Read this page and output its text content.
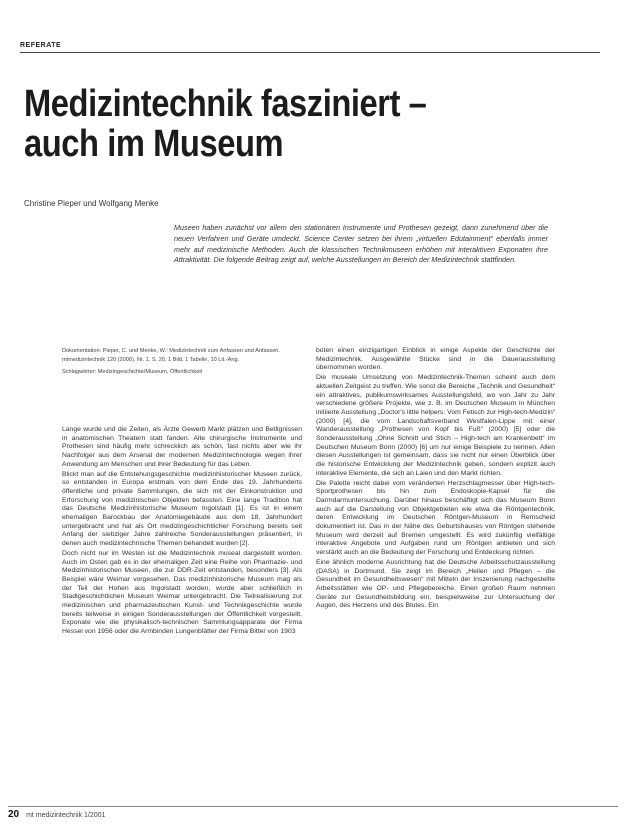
REFERATE
Medizintechnik fasziniert –
auch im Museum
Christine Pieper und Wolfgang Menke
Museen haben zunächst vor allem den stationären Instrumente und Prothesen gezeigt, dann zunehmend über die neuen Verfahren und Geräte umdeckt. Science Center setzen bei ihrem „virtuellen Edutainment“ ebenfalls immer mehr auf medizinische Methoden. Auch die klassischen Technikmuseen erhöhen mit interaktiven Exponaten ihre Attraktivität. Die folgende Beitrag zeigt auf, welche Ausstellungen im Bereich der Medizintechnik stattfinden.
Dokumentation: Pieper, C. und Menke, W.: Medizintechnik zum Anfassen und Anfassen. mtmedizintechnik 120 (2000), Nr. 1, S. 20, 1 Bild, 1 Tabelle, 10 Lit.-Ang.
Schlagwörter: Medizingeschichte/Museum, Öffentlichkeit

Lange wurde und die Zeiten, als Ärzte Gewerb Markt plätzen und Betlignissen in anatomischen Theatern statt fanden. Alte chirurgische Instrumente und Prothesen sind häufig mehr schrecklich als schön, fast nichts aber wie ihr Nachfolger aus dem Arsenal der modernen Medizintechnologie wegen ihrer Anwendung am Menschen und ihrer Bedeutung für das Leben.

Blickt man auf die Entstehungsgeschichte medizinhistorischer Museen zurück, so entstanden in Europa erstmals von dem Ende des 19. Jahrhunderts öffentliche und private Sammlungen, die sich mit der Einkonstruktion und Erforschung von medizinischen Objekten befassten. Eine lange Tradition hat das Deutsche Medizinhistorische Museum Ingolstadt [1]. Es ist in einem ehemaligen Barockbau der Anatomiegebäude aus dem 18. Jahrhundert untergebracht und hat als Ort medizingeschichtlicher Forschung bereits seit Anfang der siebziger Jahre zahlreiche Sonderausstellungen präsentiert, in denen auch medizintechnische Themen behandelt wurden [2].

Doch nicht nur im Westen ist die Medizintechnik museal dargestellt worden. Auch im Osten gab es in der ehemaligen Zeit eine Reihe von Pharmazie- und Medizinhistorischen Museen, die zur DDR-Zeit entstanden, besonders [3]. Als Beispiel wäre Weimar vorgesehen. Das medizinhistorische Museum mag als der Teil der Hohen aus Ingolstadt worden, wurde aber schließlich in Stadtgeschichtlichen Museum Weimar untergebracht. Die Teilrealisierung zur medizinischen und pharmazeutischen Kunst- und Technikgeschichte wurde bereits teilweise in einigen Sonderausstellungen der Öffentlichkeit vorgestellt. Exponate wie die physikalisch-technischen Sammlungsapparate der Firma Hessel von 1956 oder die Armbinden Lungenblätter der Firma Bitter von 1903

boten einen einzigartigen Einblick in einige Aspekte der Geschichte der Medizintechnik. Ausgewählte Stücke sind in die Dauerausstellung übernommen worden.

Die museale Umsetzung von Medizintechnik-Themen scheint auch dem aktuellen Zeitgeist zu treffen. Wie sonst die Bereiche „Technik und Gesundheit“ ein attraktives, publikumswirksames Ausstellungsfeld, wo von Jahr zu Jahr verschiedene größere Projekte, wie z. B. im Deutschen Museum in München initiierte Ausstellung „Doctor's little helpers: Vom Fetisch zur High-tech-Medizin“ (2000) [4], die vom Landschaftsverband Westfalen-Lippe mit einer Wanderausstellung „Prothesen von Kopf bis Fuß“ (2000) [5] oder die Sonderausstellung „Ohne Schnitt und Stich – High-tech am Krankenbett“ im Deutschen Museum Bonn (2000) [6] um nur einige Beispiele zu nennen. Allen diesen Ausstellungen ist gemeinsam, dass sie nicht nur einen Überblick über die historische Entwicklung der Medizintechnik geben, sondern explizit auch interaktive Elemente, die sich an Laien und den Markt richten.

Die Palette reicht dabei vom veränderten Herzschlagmesser über High-tech-Sportprothesen bis hin zum Endoskopie-Kapsel für die Darmdarmuntersuchung. Darüber hinaus beschäftigt sich das Museum Bonn auch auf die Darstellung von Objektgebieten wie etwa die Röntgentechnik, deren Entwicklung im Deutschen Röntgen-Museum in Remscheid dokumentiert ist. Das in der Nähe des Geburtshauses von Röntgen stehende Museum wird derzeit auf Bremen umgestellt. Es wird zukünftig vielfältige interaktive Angebote und Aufgaben rund um Röntgen anbieten und sich verstärkt auch an die Bedeutung der Forschung und Entdeckung richten.

Eine ähnlich moderne Ausrichtung hat die Deutsche Arbeitsschutzausstellung (DASA) in Dortmund. Sie zeigt im Bereich „Heilen und Pflegen – die Gesundheit im Gesundheitswesen“ mit Mitteln der Inszenierung nachgestellte Arbeitsstätten wie OP- und Pflegebereiche. Einen großen Raum nehmen Geräte zur Gesundheitsbildung ein, beispielsweise zur Untersuchung der Augen, des Herzens und des Blutes. Ein

20 mt medizintechnik 1/2001
